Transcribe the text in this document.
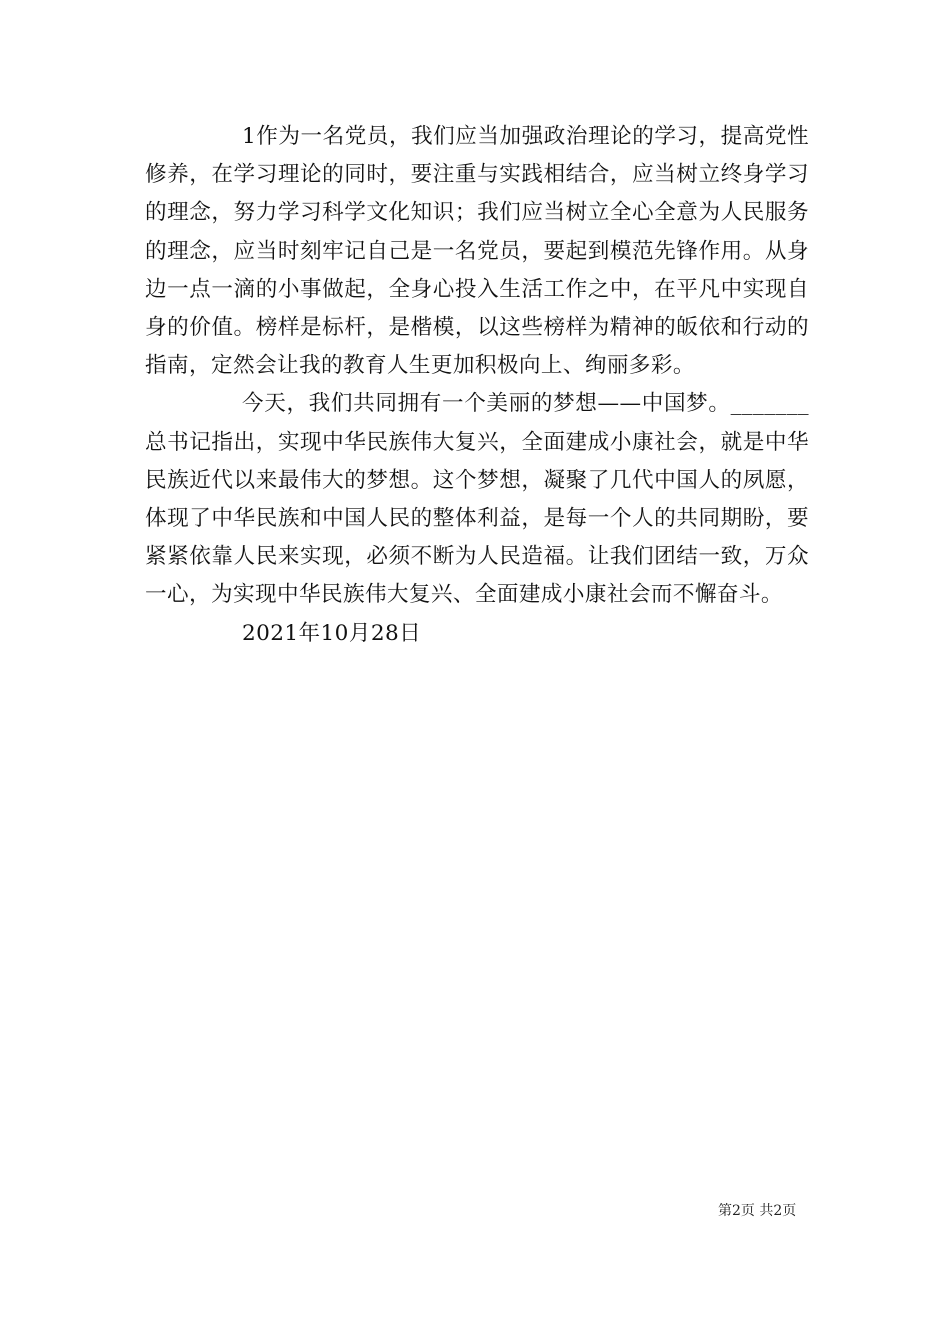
1作为一名党员，我们应当加强政治理论的学习，提高党性修养，在学习理论的同时，要注重与实践相结合，应当树立终身学习的理念，努力学习科学文化知识；我们应当树立全心全意为人民服务的理念，应当时刻牢记自己是一名党员，要起到模范先锋作用。从身边一点一滴的小事做起，全身心投入生活工作之中，在平凡中实现自身的价值。榜样是标杆，是楷模，以这些榜样为精神的皈依和行动的指南，定然会让我的教育人生更加积极向上、绚丽多彩。

今天，我们共同拥有一个美丽的梦想——中国梦。_______总书记指出，实现中华民族伟大复兴，全面建成小康社会，就是中华民族近代以来最伟大的梦想。这个梦想，凝聚了几代中国人的夙愿，体现了中华民族和中国人民的整体利益，是每一个人的共同期盼，要紧紧依靠人民来实现，必须不断为人民造福。让我们团结一致，万众一心，为实现中华民族伟大复兴、全面建成小康社会而不懈奋斗。

2021年10月28日

第2页 共2页
